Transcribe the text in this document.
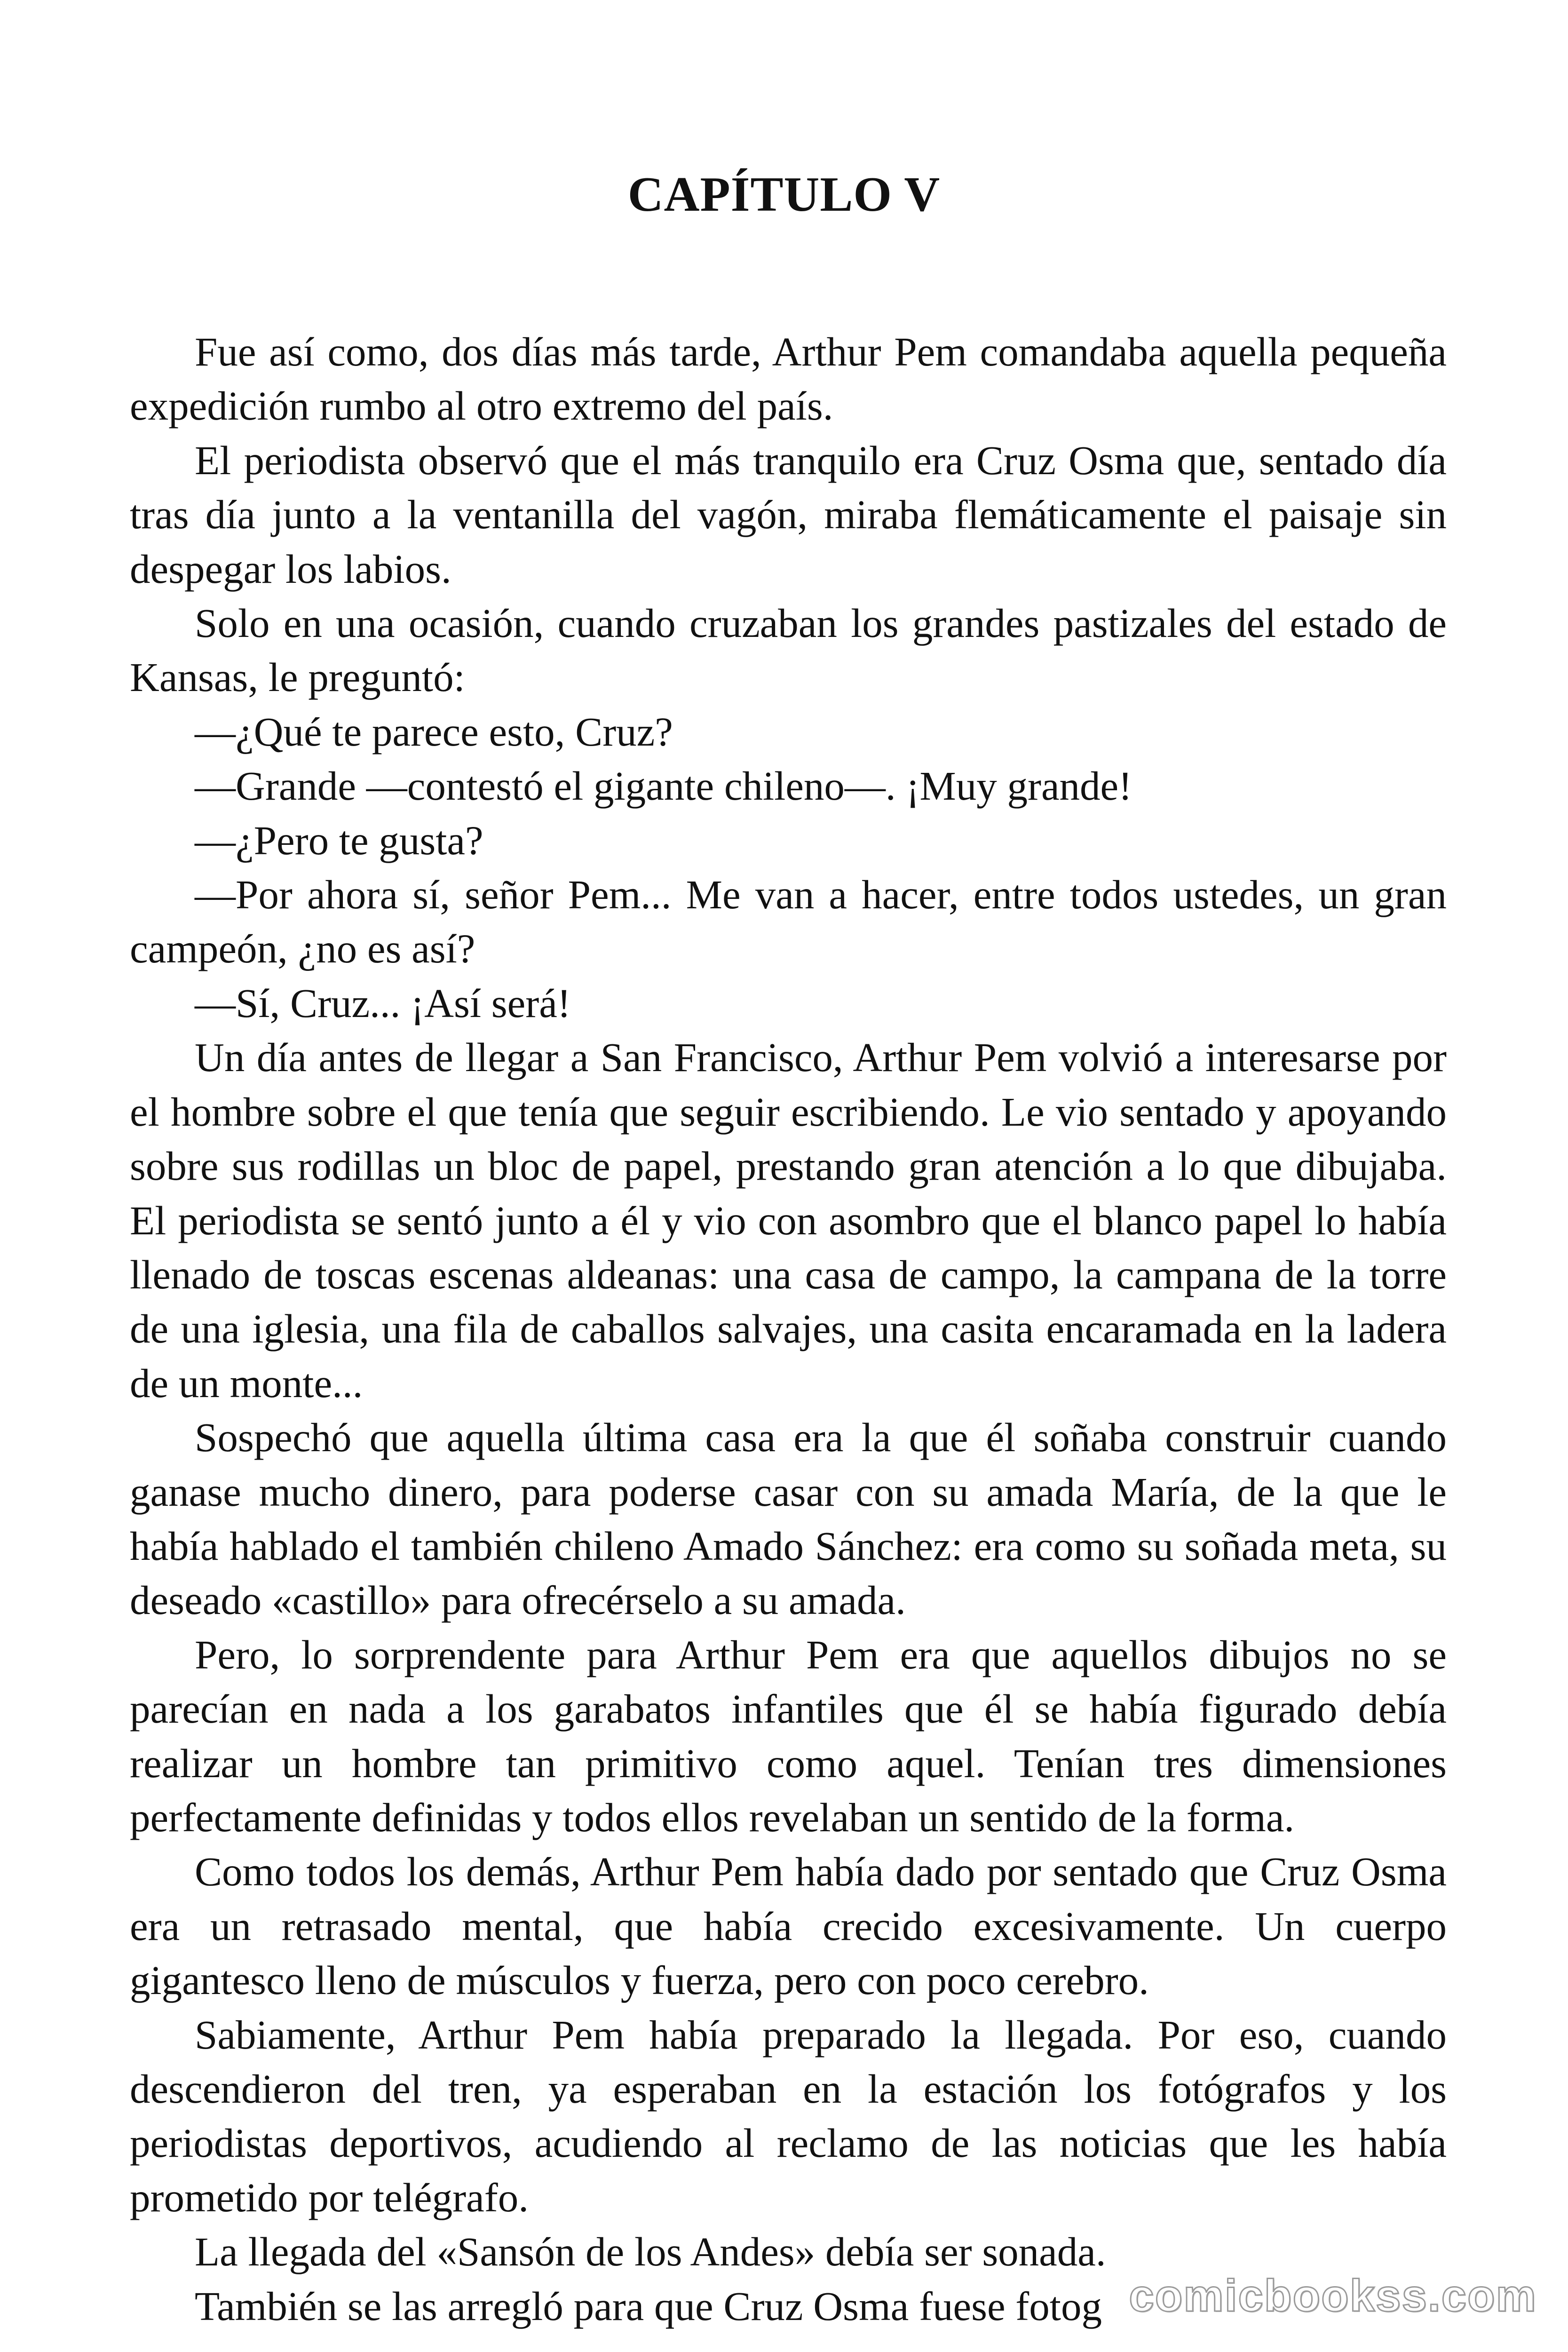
CAPÍTULO V

Fue así como, dos días más tarde, Arthur Pem comandaba aquella pequeña expedición rumbo al otro extremo del país.

El periodista observó que el más tranquilo era Cruz Osma que, sentado día tras día junto a la ventanilla del vagón, miraba flemáticamente el paisaje sin despegar los labios.

Solo en una ocasión, cuando cruzaban los grandes pastizales del estado de Kansas, le preguntó:

—¿Qué te parece esto, Cruz?

—Grande —contestó el gigante chileno—. ¡Muy grande!

—¿Pero te gusta?

—Por ahora sí, señor Pem... Me van a hacer, entre todos ustedes, un gran campeón, ¿no es así?

—Sí, Cruz... ¡Así será!

Un día antes de llegar a San Francisco, Arthur Pem volvió a interesarse por el hombre sobre el que tenía que seguir escribiendo. Le vio sentado y apoyando sobre sus rodillas un bloc de papel, prestando gran atención a lo que dibujaba. El periodista se sentó junto a él y vio con asombro que el blanco papel lo había llenado de toscas escenas aldeanas: una casa de campo, la campana de la torre de una iglesia, una fila de caballos salvajes, una casita encaramada en la ladera de un monte...

Sospechó que aquella última casa era la que él soñaba construir cuando ganase mucho dinero, para poderse casar con su amada María, de la que le había hablado el también chileno Amado Sánchez: era como su soñada meta, su deseado «castillo» para ofrecérselo a su amada.

Pero, lo sorprendente para Arthur Pem era que aquellos dibujos no se parecían en nada a los garabatos infantiles que él se había figurado debía realizar un hombre tan primitivo como aquel. Tenían tres dimensiones perfectamente definidas y todos ellos revelaban un sentido de la forma.

Como todos los demás, Arthur Pem había dado por sentado que Cruz Osma era un retrasado mental, que había crecido excesivamente. Un cuerpo gigantesco lleno de músculos y fuerza, pero con poco cerebro.

Sabiamente, Arthur Pem había preparado la llegada. Por eso, cuando descendieron del tren, ya esperaban en la estación los fotógrafos y los periodistas deportivos, acudiendo al reclamo de las noticias que les había prometido por telégrafo.

La llegada del «Sansón de los Andes» debía ser sonada.

También se las arregló para que Cruz Osma fuese fotog comicbookss.com
